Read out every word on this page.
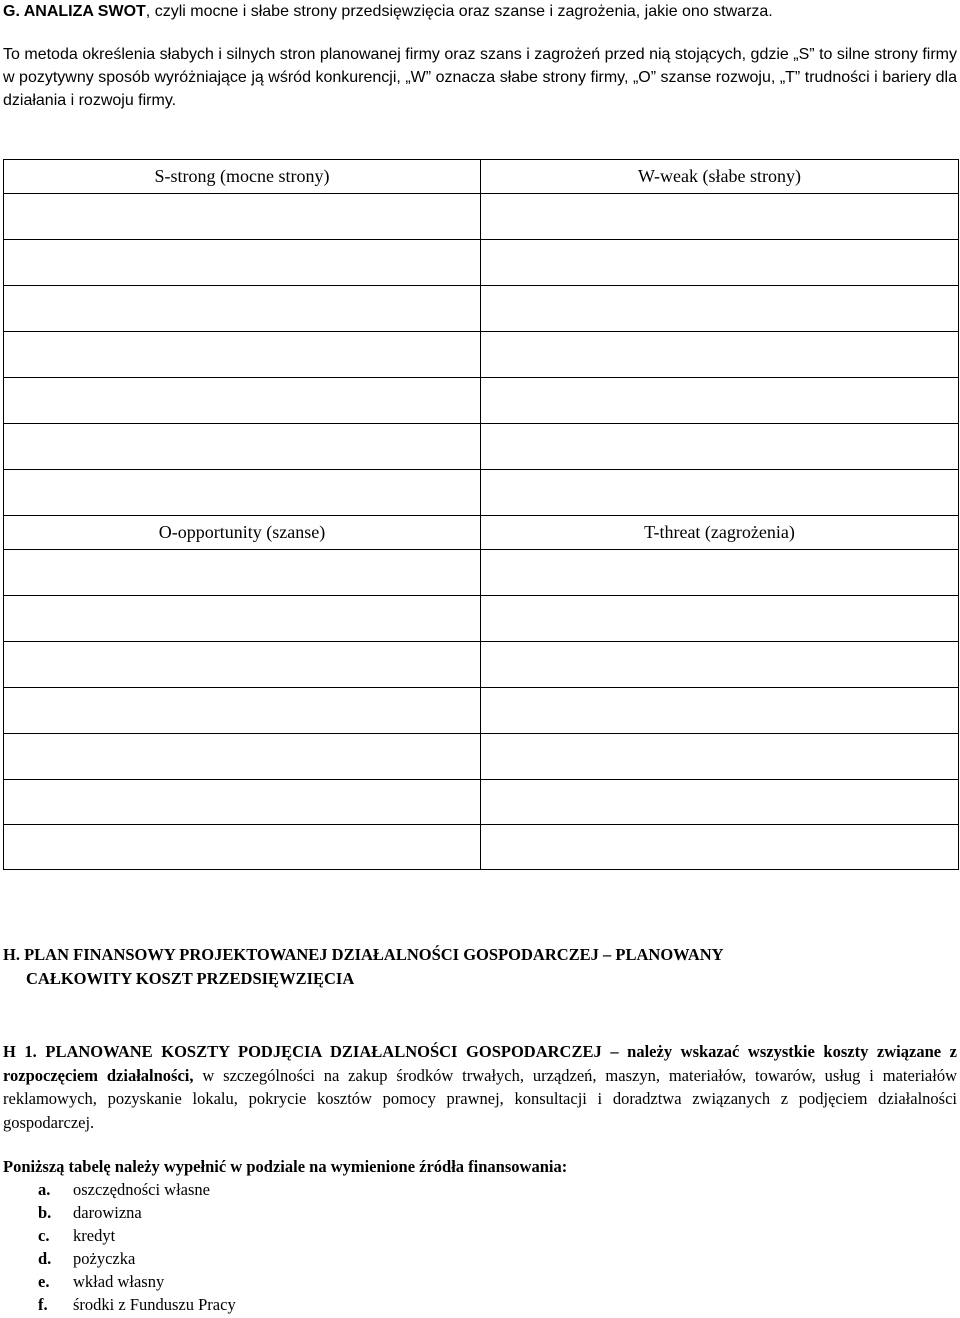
G. ANALIZA SWOT, czyli mocne i słabe strony przedsięwzięcia oraz szanse i zagrożenia, jakie ono stwarza.
To metoda określenia słabych i silnych stron planowanej firmy oraz szans i zagrożeń przed nią stojących, gdzie „S” to silne strony firmy w pozytywny sposób wyróżniające ją wśród konkurencji, „W” oznacza słabe strony firmy, „O” szanse rozwoju, „T” trudności i bariery dla działania i rozwoju firmy.
S-strong (mocne strony)	W-weak (słabe strony)

O-opportunity (szanse)	T-threat (zagrożenia)

H. PLAN FINANSOWY PROJEKTOWANEJ DZIAŁALNOŚCI GOSPODARCZEJ – PLANOWANY
CAŁKOWITY KOSZT PRZEDSIĘWZIĘCIA
H 1. PLANOWANE KOSZTY PODJĘCIA DZIAŁALNOŚCI GOSPODARCZEJ – należy wskazać wszystkie koszty związane z rozpoczęciem działalności, w szczególności na zakup środków trwałych, urządzeń, maszyn, materiałów, towarów, usług i materiałów reklamowych, pozyskanie lokalu, pokrycie kosztów pomocy prawnej, konsultacji i doradztwa związanych z podjęciem działalności gospodarczej.
Poniższą tabelę należy wypełnić w podziale na wymienione źródła finansowania:
a.	oszczędności własne
b.	darowizna
c.	kredyt
d.	pożyczka
e.	wkład własny
f.	środki z Funduszu Pracy
